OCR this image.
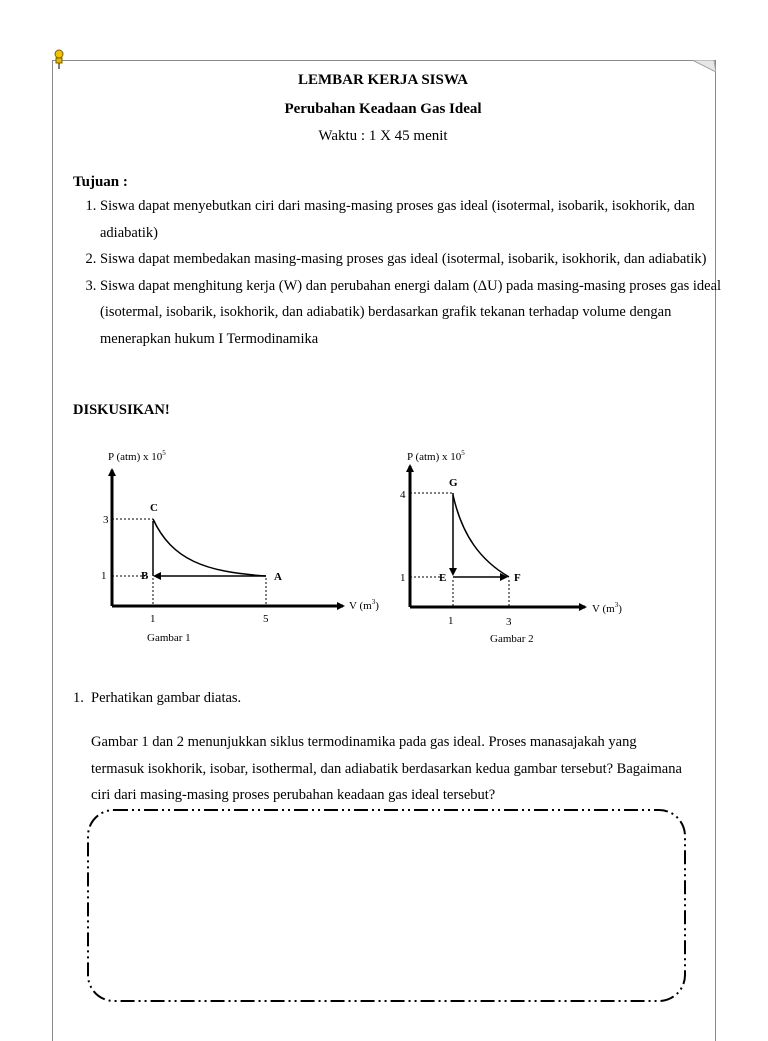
LEMBAR KERJA SISWA
Perubahan Keadaan Gas Ideal
Waktu : 1 X 45 menit
Tujuan :
1. Siswa dapat menyebutkan ciri dari masing-masing proses gas ideal (isotermal, isobarik, isokhorik, dan adiabatik)
2. Siswa dapat membedakan masing-masing proses gas ideal (isotermal, isobarik, isokhorik, dan adiabatik)
3. Siswa dapat menghitung kerja (W) dan perubahan energi dalam (ΔU) pada masing-masing proses gas ideal (isotermal, isobarik, isokhorik, dan adiabatik) berdasarkan grafik tekanan terhadap volume dengan menerapkan hukum I Termodinamika
DISKUSIKAN!
P (atm) x $10^5$
V $(m^3)$
3
1
1	5
C
B	A
Gambar 1
P (atm) x $10^5$
V $(m^3)$
4
1
1	3
G
E	F
Gambar 2
1. Perhatikan gambar diatas.
Gambar 1 dan 2 menunjukkan siklus termodinamika pada gas ideal. Proses manasajakah yang termasuk isokhorik, isobar, isothermal, dan adiabatik berdasarkan kedua gambar tersebut? Bagaimana ciri dari masing-masing proses perubahan keadaan gas ideal tersebut?
